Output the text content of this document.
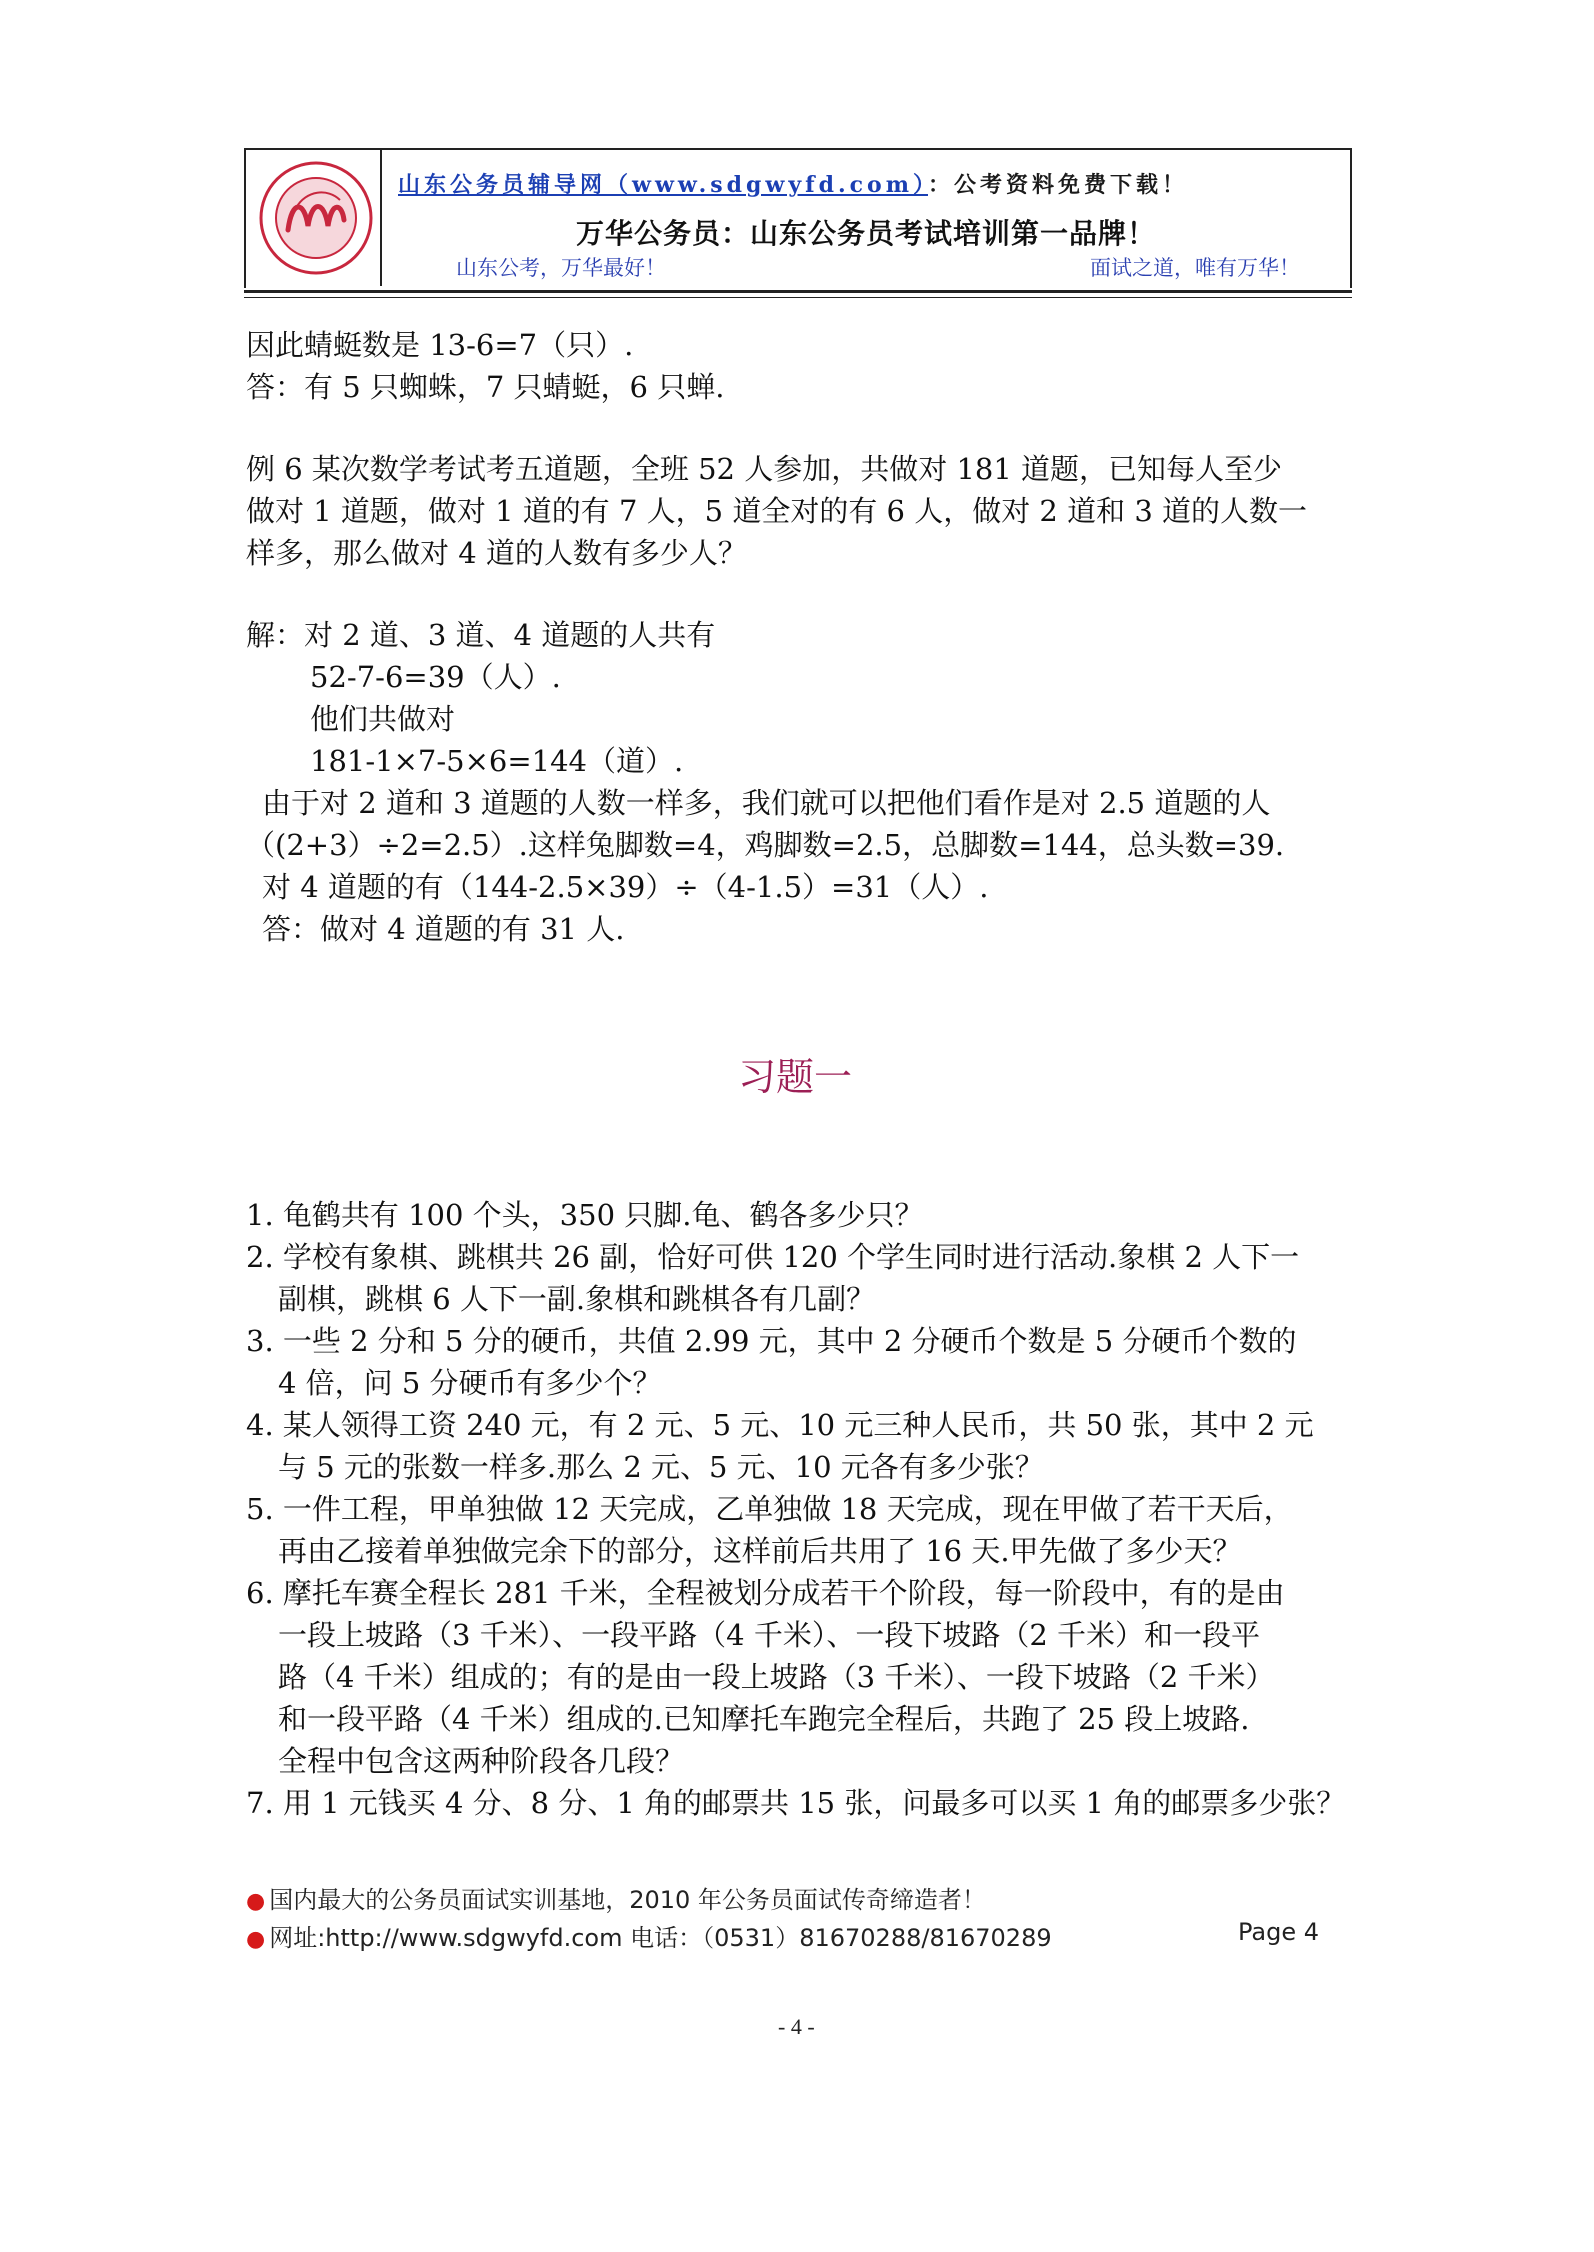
山东公务员辅导网（www.sdgwyfd.com）：公考资料免费下载！
万华公务员：山东公务员考试培训第一品牌！
山东公考，万华最好！	面试之道，唯有万华！
因此蜻蜓数是 13-6=7（只）.
答：有 5 只蜘蛛，7 只蜻蜓，6 只蝉.
例 6 某次数学考试考五道题，全班 52 人参加，共做对 181 道题，已知每人至少
做对 1 道题，做对 1 道的有 7 人，5 道全对的有 6 人，做对 2 道和 3 道的人数一
样多，那么做对 4 道的人数有多少人？
解：对 2 道、3 道、4 道题的人共有
52-7-6=39（人）.
他们共做对
181-1×7-5×6=144（道）.
由于对 2 道和 3 道题的人数一样多，我们就可以把他们看作是对 2.5 道题的人
（(2+3）÷2=2.5）.这样兔脚数=4，鸡脚数=2.5，总脚数=144，总头数=39.
对 4 道题的有（144-2.5×39）÷（4-1.5）=31（人）.
答：做对 4 道题的有 31 人.
习题一
1. 龟鹤共有 100 个头，350 只脚.龟、鹤各多少只？
2. 学校有象棋、跳棋共 26 副，恰好可供 120 个学生同时进行活动.象棋 2 人下一
副棋，跳棋 6 人下一副.象棋和跳棋各有几副？
3. 一些 2 分和 5 分的硬币，共值 2.99 元，其中 2 分硬币个数是 5 分硬币个数的
4 倍，问 5 分硬币有多少个？
4. 某人领得工资 240 元，有 2 元、5 元、10 元三种人民币，共 50 张，其中 2 元
与 5 元的张数一样多.那么 2 元、5 元、10 元各有多少张？
5. 一件工程，甲单独做 12 天完成，乙单独做 18 天完成，现在甲做了若干天后，
再由乙接着单独做完余下的部分，这样前后共用了 16 天.甲先做了多少天？
6. 摩托车赛全程长 281 千米，全程被划分成若干个阶段，每一阶段中，有的是由
一段上坡路（3 千米）、一段平路（4 千米）、一段下坡路（2 千米）和一段平
路（4 千米）组成的；有的是由一段上坡路（3 千米）、一段下坡路（2 千米）
和一段平路（4 千米）组成的.已知摩托车跑完全程后，共跑了 25 段上坡路.
全程中包含这两种阶段各几段？
7. 用 1 元钱买 4 分、8 分、1 角的邮票共 15 张，问最多可以买 1 角的邮票多少张？
● 国内最大的公务员面试实训基地，2010 年公务员面试传奇缔造者！
● 网址:http://www.sdgwyfd.com 电话：（0531）81670288/81670289	Page 4
- 4 -
